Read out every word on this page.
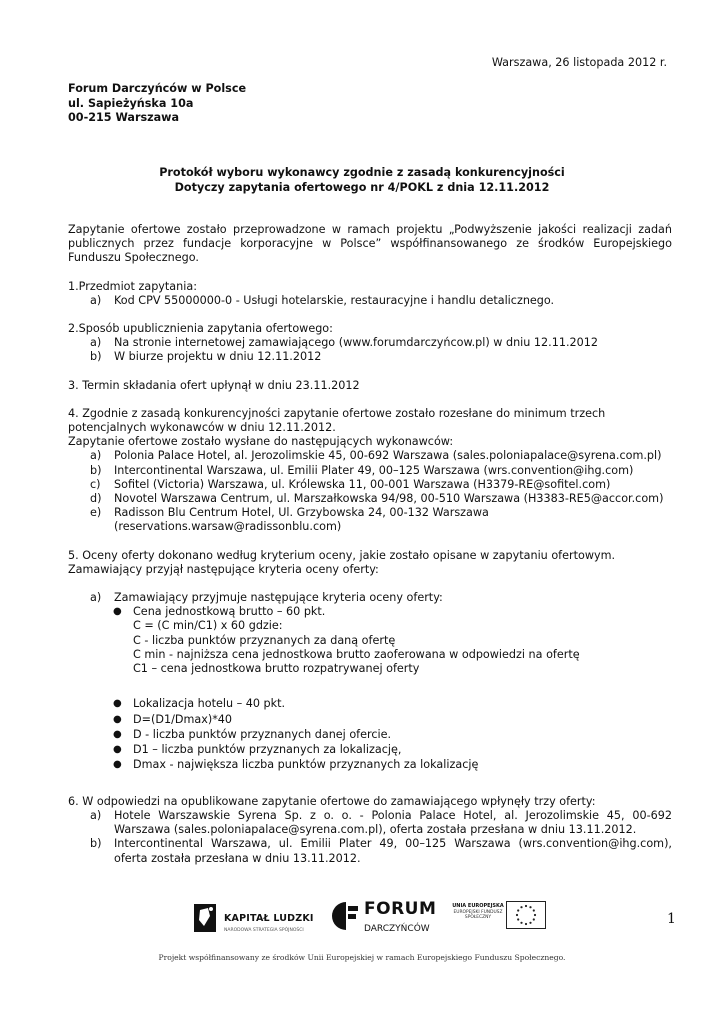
Warszawa, 26 listopada 2012 r.
Forum Darczyńców w Polsce
ul. Sapieżyńska 10a
00-215 Warszawa
Protokół wyboru wykonawcy zgodnie z zasadą konkurencyjności
Dotyczy zapytania ofertowego nr 4/POKL z dnia 12.11.2012

Zapytanie ofertowe zostało przeprowadzone w ramach projektu „Podwyższenie jakości realizacji zadań publicznych przez fundacje korporacyjne w Polsce” współfinansowanego ze środków Europejskiego Funduszu Społecznego.

1.Przedmiot zapytania:

a) Kod CPV 55000000-0 - Usługi hotelarskie, restauracyjne i handlu detalicznego.

2.Sposób upublicznienia zapytania ofertowego:

a) Na stronie internetowej zamawiającego (www.forumdarczyńcow.pl) w dniu 12.11.2012
b) W biurze projektu w dniu 12.11.2012

3. Termin składania ofert upłynął w dniu 23.11.2012

4. Zgodnie z zasadą konkurencyjności zapytanie ofertowe zostało rozesłane do minimum trzech potencjalnych wykonawców w dniu 12.11.2012.

Zapytanie ofertowe zostało wysłane do następujących wykonawców:

a) Polonia Palace Hotel, al. Jerozolimskie 45, 00-692 Warszawa (sales.poloniapalace@syrena.com.pl)
b) Intercontinental Warszawa, ul. Emilii Plater 49, 00–125 Warszawa (wrs.convention@ihg.com)
c) Sofitel (Victoria) Warszawa, ul. Królewska 11, 00-001 Warszawa (H3379-RE@sofitel.com)
d) Novotel Warszawa Centrum, ul. Marszałkowska 94/98, 00-510 Warszawa (H3383-RE5@accor.com)
e) Radisson Blu Centrum Hotel, Ul. Grzybowska 24, 00-132 Warszawa (reservations.warsaw@radissonblu.com)

5. Oceny oferty dokonano według kryterium oceny, jakie zostało opisane w zapytaniu ofertowym.

Zamawiający przyjął następujące kryteria oceny oferty:

a) Zamawiający przyjmuje następujące kryteria oceny oferty:
● Cena jednostkową brutto – 60 pkt.
C = (C min/C1) x 60 gdzie:
C - liczba punktów przyznanych za daną ofertę
C min - najniższa cena jednostkowa brutto zaoferowana w odpowiedzi na ofertę
C1 – cena jednostkowa brutto rozpatrywanej oferty
● Lokalizacja hotelu – 40 pkt.
● D=(D1/Dmax)*40
● D - liczba punktów przyznanych danej ofercie.
● D1 – liczba punktów przyznanych za lokalizację,
● Dmax - największa liczba punktów przyznanych za lokalizację

6. W odpowiedzi na opublikowane zapytanie ofertowe do zamawiającego wpłynęły trzy oferty:

a) Hotele Warszawskie Syrena Sp. z o. o. - Polonia Palace Hotel, al. Jerozolimskie 45, 00-692 Warszawa (sales.poloniapalace@syrena.com.pl), oferta została przesłana w dniu 13.11.2012.
b) Intercontinental Warszawa, ul. Emilii Plater 49, 00–125 Warszawa (wrs.convention@ihg.com), oferta została przesłana w dniu 13.11.2012.
KAPITAŁ LUDZKI
NARODOWA STRATEGIA SPÓJNOŚCI
FORUM
DARCZYŃCÓW
UNIA EUROPEJSKA
EUROPEJSKI FUNDUSZ SPOŁECZNY	1
Projekt współfinansowany ze środków Unii Europejskiej w ramach Europejskiego Funduszu Społecznego.
